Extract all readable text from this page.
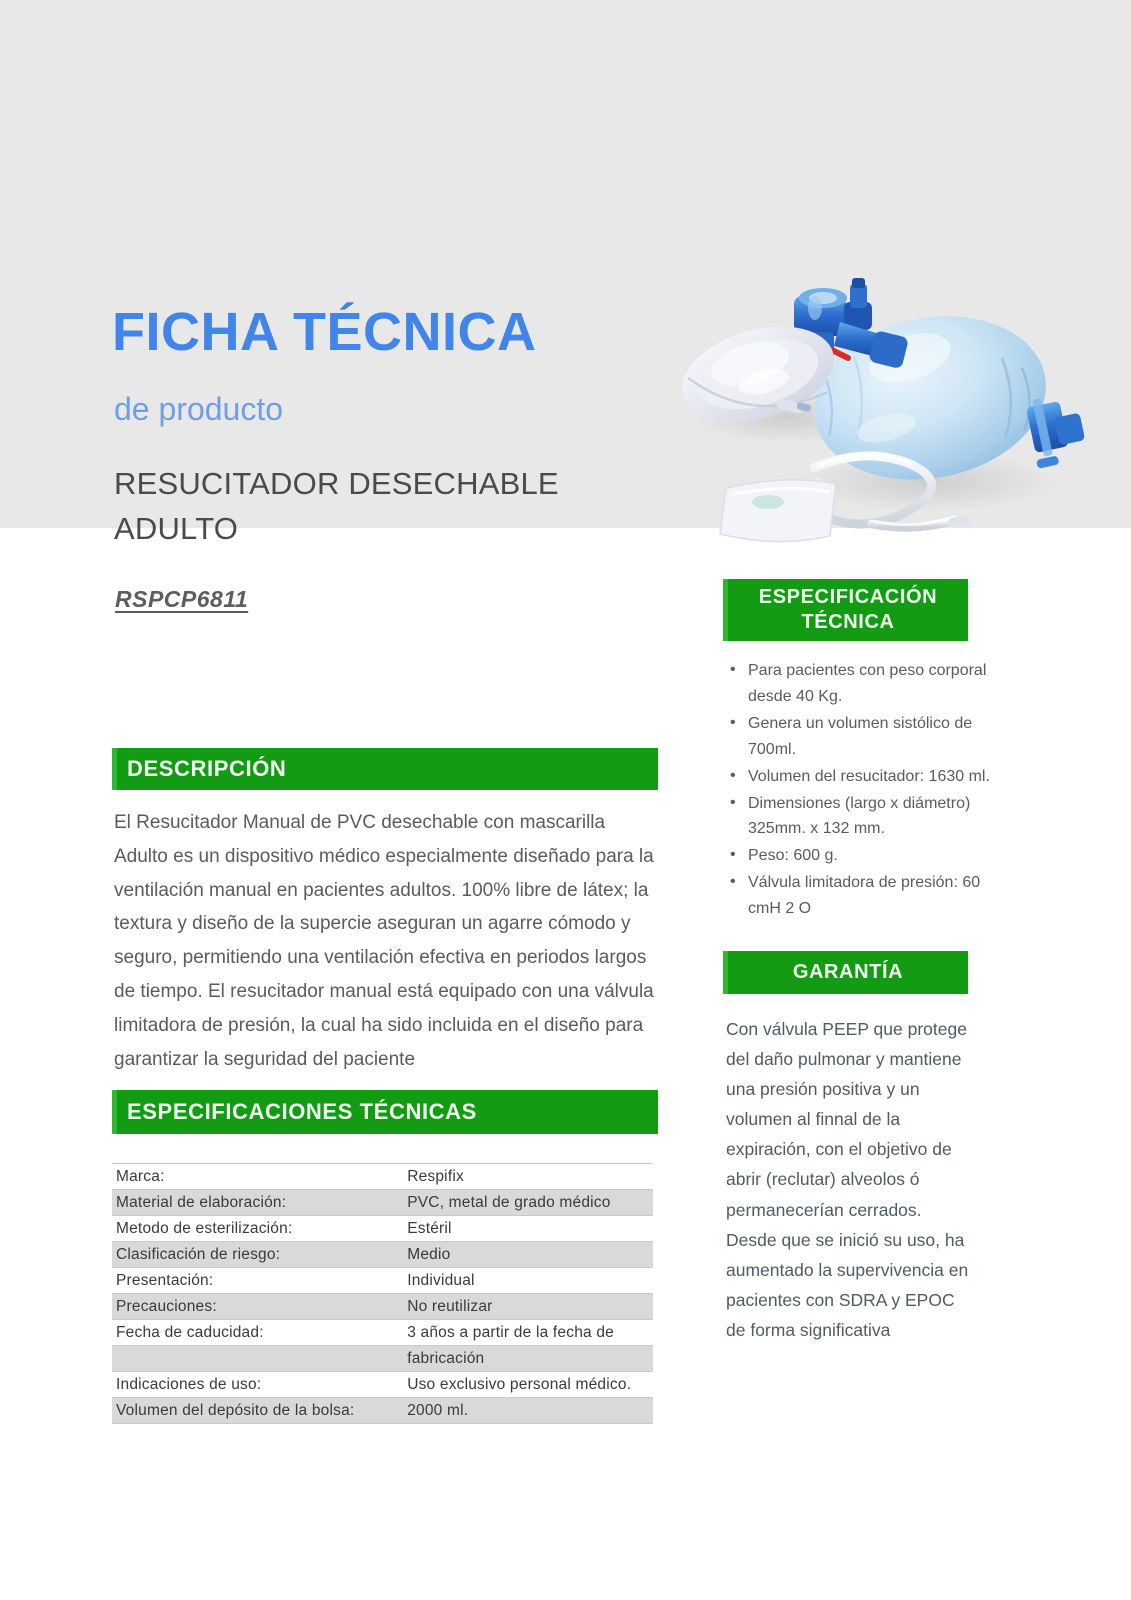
FICHA TÉCNICA
de producto
RESUCITADOR DESECHABLE ADULTO
RSPCP6811
DESCRIPCIÓN
El Resucitador Manual de PVC desechable con mascarilla Adulto es un dispositivo médico especialmente diseñado para la ventilación manual en pacientes adultos. 100% libre de látex; la textura y diseño de la supercie aseguran un agarre cómodo y seguro, permitiendo una ventilación efectiva en periodos largos de tiempo. El resucitador manual está equipado con una válvula limitadora de presión, la cual ha sido incluida en el diseño para garantizar la seguridad del paciente
ESPECIFICACIONES TÉCNICAS
Marca:	Respifix
Material de elaboración:	PVC, metal de grado médico
Metodo de esterilización:	Estéril
Clasificación de riesgo:	Medio
Presentación:	Individual
Precauciones:	No reutilizar
Fecha de caducidad:	3 años a partir de la fecha de
	fabricación
Indicaciones de uso:	Uso exclusivo personal médico.
Volumen del depósito de la bolsa:	2000 ml.
ESPECIFICACIÓN TÉCNICA
• Para pacientes con peso corporal desde 40 Kg.
• Genera un volumen sistólico de 700ml.
• Volumen del resucitador: 1630 ml.
• Dimensiones (largo x diámetro) 325mm. x 132 mm.
• Peso: 600 g.
• Válvula limitadora de presión: 60 cmH 2 O
GARANTÍA
Con válvula PEEP que protege del daño pulmonar y mantiene una presión positiva y un volumen al finnal de la expiración, con el objetivo de abrir (reclutar) alveolos ó permanecerían cerrados. Desde que se inició su uso, ha aumentado la supervivencia en pacientes con SDRA y EPOC de forma significativa
